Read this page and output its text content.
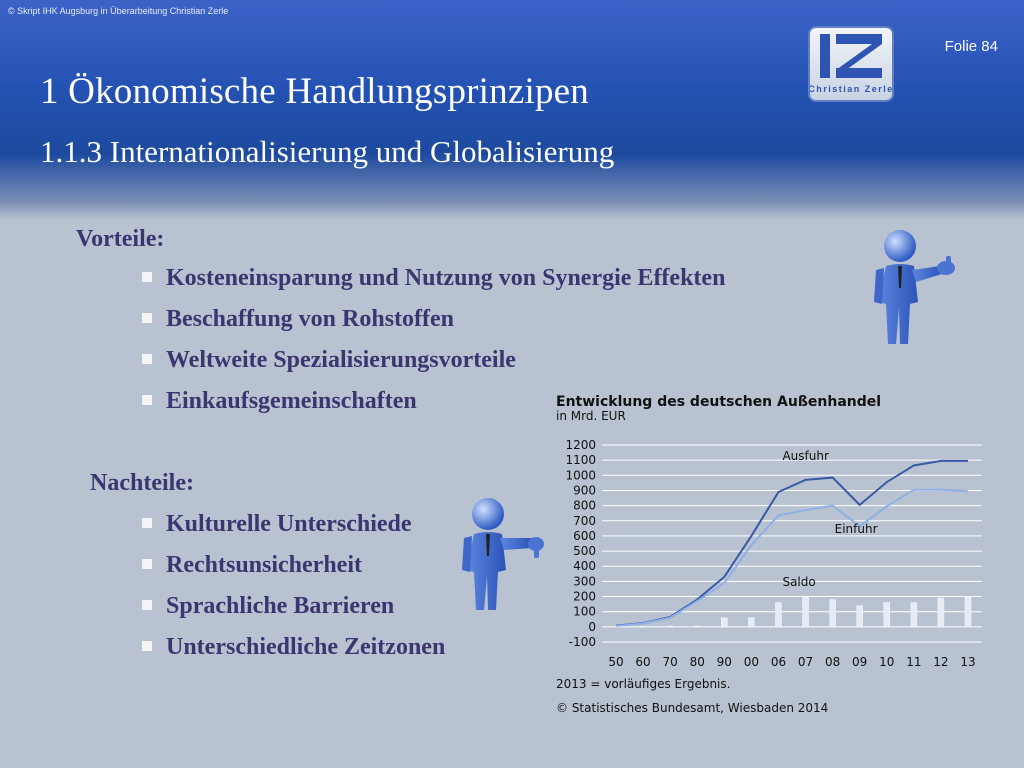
© Skript IHK Augsburg in Überarbeitung Christian Zerle
Folie 84
Christian Zerle
1 Ökonomische Handlungsprinzipen
1.1.3 Internationalisierung und Globalisierung
Vorteile:
Kosteneinsparung und Nutzung von Synergie Effekten
Beschaffung von Rohstoffen
Weltweite Spezialisierungsvorteile
Einkaufsgemeinschaften
Nachteile:
Kulturelle Unterschiede
Rechtsunsicherheit
Sprachliche Barrieren
Unterschiedliche Zeitzonen
Entwicklung des deutschen Außenhandel
in Mrd. EUR
1200
1100
1000
900
800
700
600
500
400
300
200
100
0
-100
50 60 70 80 90 00 06 07 08 09 10 11 12 13
Ausfuhr
Einfuhr
Saldo
2013 = vorläufiges Ergebnis.
© Statistisches Bundesamt, Wiesbaden 2014
